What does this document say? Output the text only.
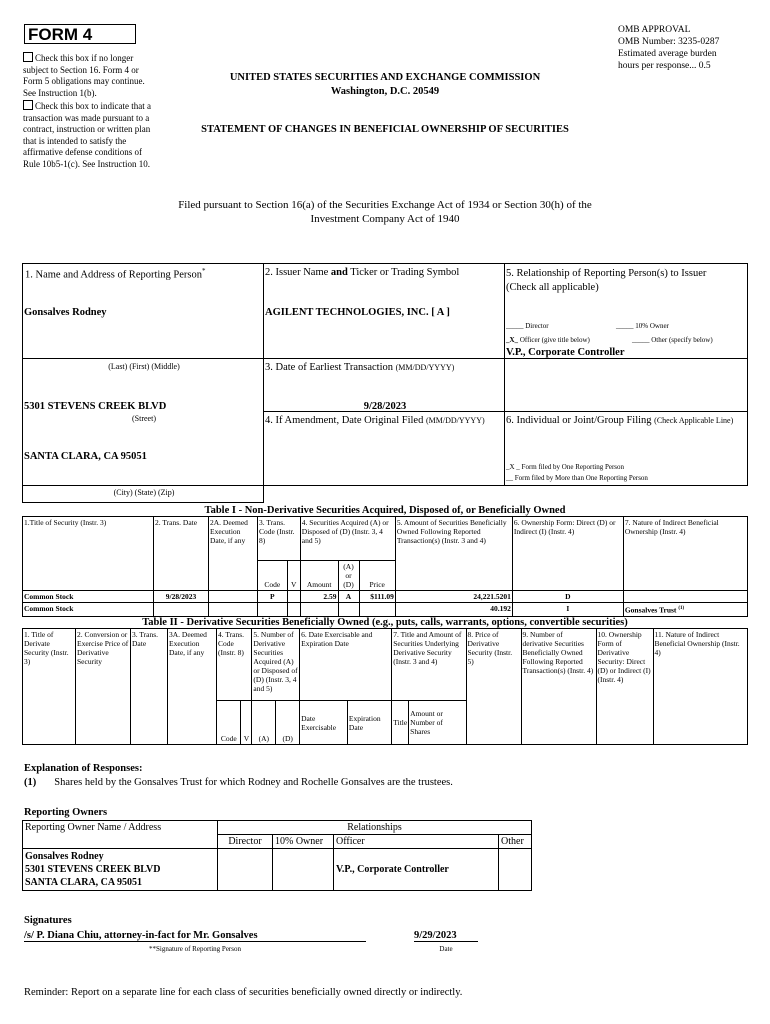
FORM 4
Check this box if no longer subject to Section 16. Form 4 or Form 5 obligations may continue. See Instruction 1(b).
Check this box to indicate that a transaction was made pursuant to a contract, instruction or written plan that is intended to satisfy the affirmative defense conditions of Rule 10b5-1(c). See Instruction 10.
OMB APPROVAL
OMB Number: 3235-0287
Estimated average burden
hours per response... 0.5
UNITED STATES SECURITIES AND EXCHANGE COMMISSION
Washington, D.C. 20549
STATEMENT OF CHANGES IN BENEFICIAL OWNERSHIP OF SECURITIES
Filed pursuant to Section 16(a) of the Securities Exchange Act of 1934 or Section 30(h) of the
Investment Company Act of 1940
1. Name and Address of Reporting Person*
Gonsalves Rodney
(Last) (First) (Middle)
5301 STEVENS CREEK BLVD
(Street)
SANTA CLARA, CA 95051
(City) (State) (Zip)
2. Issuer Name and Ticker or Trading Symbol
AGILENT TECHNOLOGIES, INC. [ A ]
3. Date of Earliest Transaction (MM/DD/YYYY)
9/28/2023
4. If Amendment, Date Original Filed (MM/DD/YYYY)
5. Relationship of Reporting Person(s) to Issuer
(Check all applicable)
_____ Director	_____ 10% Owner
_X_ Officer (give title below)	_____ Other (specify below)
V.P., Corporate Controller
6. Individual or Joint/Group Filing (Check Applicable Line)
_X _ Form filed by One Reporting Person
__ Form filed by More than One Reporting Person
Table I - Non-Derivative Securities Acquired, Disposed of, or Beneficially Owned
1.Title of Security (Instr. 3)	2. Trans. Date	2A. Deemed Execution Date, if any	3. Trans. Code (Instr. 8)		4. Securities Acquired (A) or Disposed of (D) (Instr. 3, 4 and 5)			5. Amount of Securities Beneficially Owned Following Reported Transaction(s) (Instr. 3 and 4)	6. Ownership Form: Direct (D) or Indirect (I) (Instr. 4)	7. Nature of Indirect Beneficial Ownership (Instr. 4)
			Code	V	Amount	(A) or (D)	Price			
Common Stock	9/28/2023		P		2.59	A	$111.09	24,221.5201	D	
Common Stock								40.192	I	Gonsalves Trust $^{(1)}$
Table II - Derivative Securities Beneficially Owned (e.g., puts, calls, warrants, options, convertible securities)
1. Title of Derivate Security (Instr. 3)	2. Conversion or Exercise Price of Derivative Security	3. Trans. Date	3A. Deemed Execution Date, if any	4. Trans. Code (Instr. 8)		5. Number of Derivative Securities Acquired (A) or Disposed of (D) (Instr. 3, 4 and 5)		6. Date Exercisable and Expiration Date		7. Title and Amount of Securities Underlying Derivative Security (Instr. 3 and 4)		8. Price of Derivative Security (Instr. 5)	9. Number of derivative Securities Beneficially Owned Following Reported Transaction(s) (Instr. 4)	10. Ownership Form of Derivative Security: Direct (D) or Indirect (I) (Instr. 4)	11. Nature of Indirect Beneficial Ownership (Instr. 4)
				Code	V	(A)	(D)	Date Exercisable	Expiration Date	Title	Amount or Number of Shares				
Explanation of Responses:
(1) Shares held by the Gonsalves Trust for which Rodney and Rochelle Gonsalves are the trustees.
Reporting Owners
Reporting Owner Name / Address	Relationships			
	Director	10% Owner	Officer	Other

Gonsalves Rodney
5301 STEVENS CREEK BLVD
SANTA CLARA, CA 95051			V.P., Corporate Controller	
Signatures
/s/ P. Diana Chiu, attorney-in-fact for Mr. Gonsalves	9/29/2023
**Signature of Reporting Person	Date
Reminder: Report on a separate line for each class of securities beneficially owned directly or indirectly.
